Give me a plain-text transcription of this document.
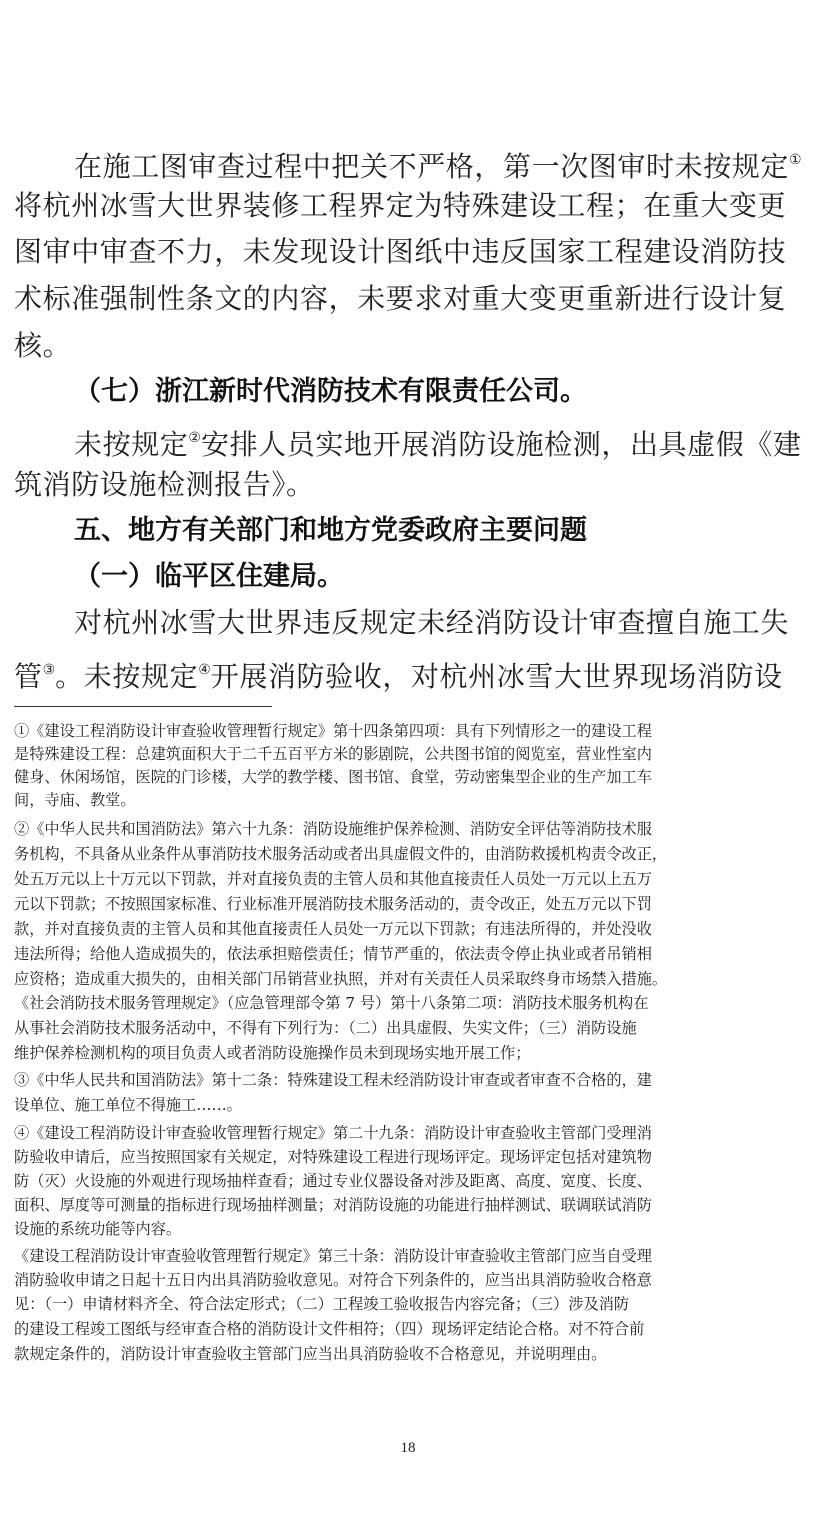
在施工图审查过程中把关不严格，第一次图审时未按规定①
将杭州冰雪大世界装修工程界定为特殊建设工程；在重大变更
图审中审查不力，未发现设计图纸中违反国家工程建设消防技
术标准强制性条文的内容，未要求对重大变更重新进行设计复
核。
（七）浙江新时代消防技术有限责任公司。
未按规定②安排人员实地开展消防设施检测，出具虚假《建
筑消防设施检测报告》。
五、地方有关部门和地方党委政府主要问题
（一）临平区住建局。
对杭州冰雪大世界违反规定未经消防设计审查擅自施工失
管③。未按规定④开展消防验收，对杭州冰雪大世界现场消防设
①《建设工程消防设计审查验收管理暂行规定》第十四条第四项：具有下列情形之一的建设工程
是特殊建设工程：总建筑面积大于二千五百平方米的影剧院，公共图书馆的阅览室，营业性室内
健身、休闲场馆，医院的门诊楼，大学的教学楼、图书馆、食堂，劳动密集型企业的生产加工车
间，寺庙、教堂。
②《中华人民共和国消防法》第六十九条：消防设施维护保养检测、消防安全评估等消防技术服
务机构，不具备从业条件从事消防技术服务活动或者出具虚假文件的，由消防救援机构责令改正，
处五万元以上十万元以下罚款，并对直接负责的主管人员和其他直接责任人员处一万元以上五万
元以下罚款；不按照国家标准、行业标准开展消防技术服务活动的，责令改正，处五万元以下罚
款，并对直接负责的主管人员和其他直接责任人员处一万元以下罚款；有违法所得的，并处没收
违法所得；给他人造成损失的，依法承担赔偿责任；情节严重的，依法责令停止执业或者吊销相
应资格；造成重大损失的，由相关部门吊销营业执照，并对有关责任人员采取终身市场禁入措施。
《社会消防技术服务管理规定》（应急管理部令第 7 号）第十八条第二项：消防技术服务机构在
从事社会消防技术服务活动中，不得有下列行为：（二）出具虚假、失实文件；（三）消防设施
维护保养检测机构的项目负责人或者消防设施操作员未到现场实地开展工作；
③《中华人民共和国消防法》第十二条：特殊建设工程未经消防设计审查或者审查不合格的，建
设单位、施工单位不得施工……。
④《建设工程消防设计审查验收管理暂行规定》第二十九条：消防设计审查验收主管部门受理消
防验收申请后，应当按照国家有关规定，对特殊建设工程进行现场评定。现场评定包括对建筑物
防（灭）火设施的外观进行现场抽样查看；通过专业仪器设备对涉及距离、高度、宽度、长度、
面积、厚度等可测量的指标进行现场抽样测量；对消防设施的功能进行抽样测试、联调联试消防
设施的系统功能等内容。
《建设工程消防设计审查验收管理暂行规定》第三十条：消防设计审查验收主管部门应当自受理
消防验收申请之日起十五日内出具消防验收意见。对符合下列条件的，应当出具消防验收合格意
见：（一）申请材料齐全、符合法定形式；（二）工程竣工验收报告内容完备；（三）涉及消防
的建设工程竣工图纸与经审查合格的消防设计文件相符；（四）现场评定结论合格。对不符合前
款规定条件的，消防设计审查验收主管部门应当出具消防验收不合格意见，并说明理由。
18
